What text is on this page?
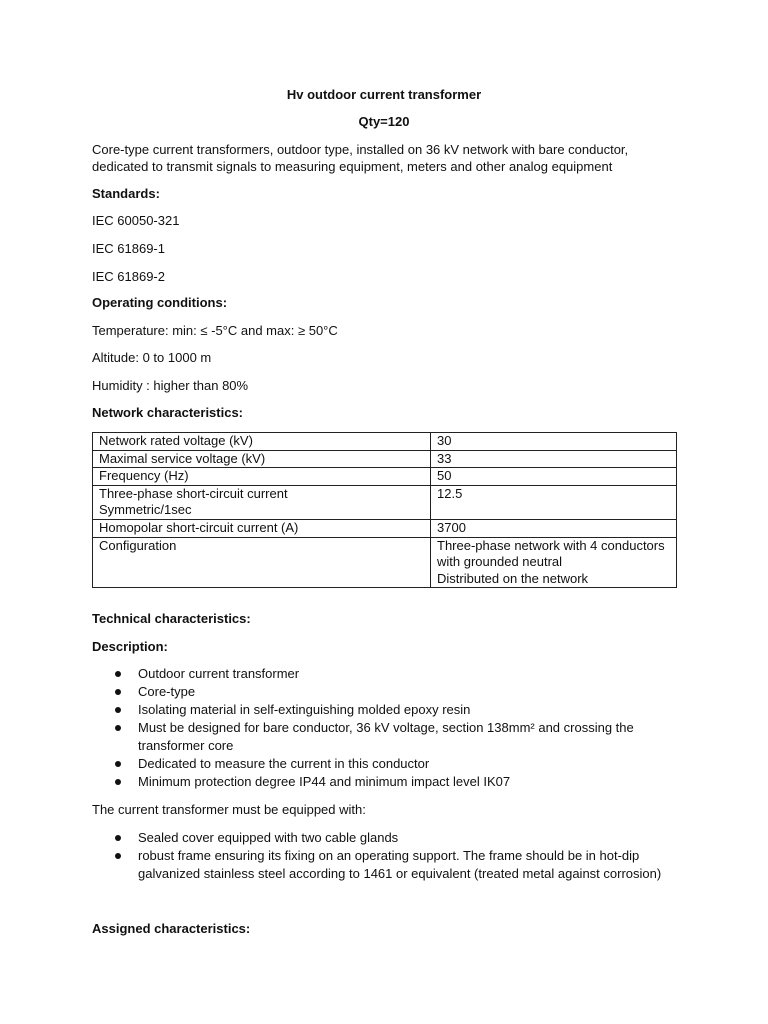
Hv outdoor current transformer
Qty=120
Core-type current transformers, outdoor type, installed on 36 kV network with bare conductor,
dedicated to transmit signals to measuring equipment, meters and other analog equipment
Standards:
IEC 60050-321
IEC 61869-1
IEC 61869-2
Operating conditions:
Temperature: min: ≤ -5°C and max: ≥ 50°C
Altitude: 0 to 1000 m
Humidity : higher than 80%
Network characteristics:
Network rated voltage (kV)	30
Maximal service voltage (kV)	33
Frequency (Hz)	50

Three-phase short-circuit current
Symmetric/1sec	12.5
Homopolar short-circuit current (A)	3700
Configuration	Three-phase network with 4 conductors
with grounded neutral
Distributed on the network
Technical characteristics:
Description:
Outdoor current transformer
Core-type
Isolating material in self-extinguishing molded epoxy resin
Must be designed for bare conductor, 36 kV voltage, section 138mm² and crossing the
transformer core
Dedicated to measure the current in this conductor
Minimum protection degree IP44 and minimum impact level IK07
The current transformer must be equipped with:
Sealed cover equipped with two cable glands
robust frame ensuring its fixing on an operating support. The frame should be in hot-dip
galvanized stainless steel according to 1461 or equivalent (treated metal against corrosion)
Assigned characteristics:
